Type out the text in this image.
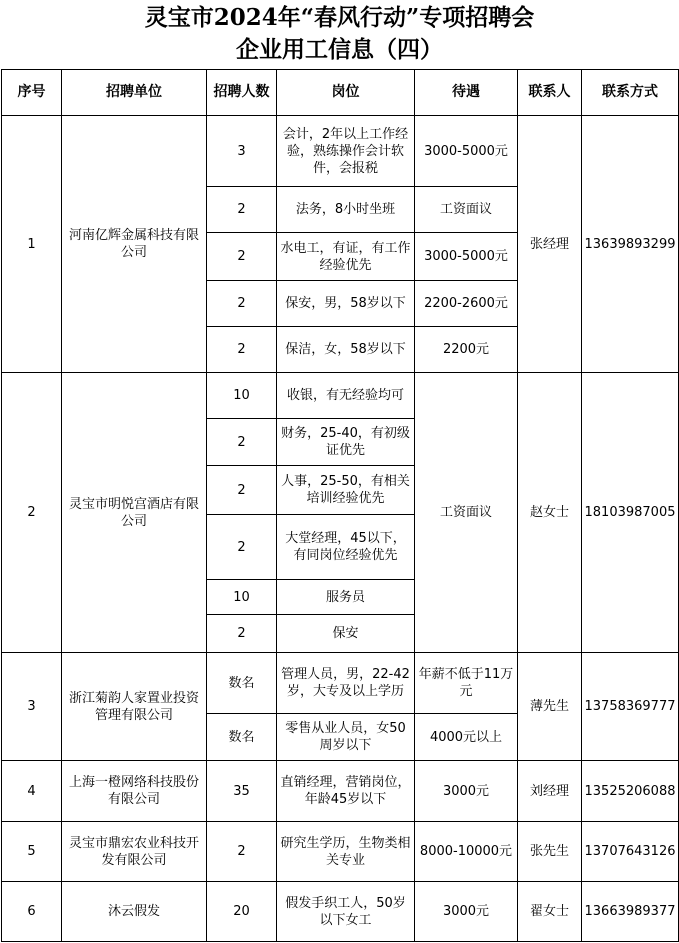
灵宝市2024年“春风行动”专项招聘会
企业用工信息（四）
序号	招聘单位	招聘人数	岗位	待遇	联系人	联系方式
1	河南亿辉金属科技有限公司	3	会计，2年以上工作经验，熟练操作会计软件，会报税	3000-5000元	张经理	13639893299
		2	法务，8小时坐班	工资面议		
		2	水电工，有证，有工作经验优先	3000-5000元		
		2	保安，男，58岁以下	2200-2600元		
		2	保洁，女，58岁以下	2200元		
2	灵宝市明悦宫酒店有限公司	10	收银，有无经验均可	工资面议	赵女士	18103987005
		2	财务，25-40，有初级证优先			
		2	人事，25-50，有相关培训经验优先			
		2	大堂经理，45以下，有同岗位经验优先			
		10	服务员			
		2	保安			
3	浙江菊韵人家置业投资管理有限公司	数名	管理人员，男，22-42岁，大专及以上学历	年薪不低于11万元	薄先生	13758369777
		数名	零售从业人员，女50周岁以下	4000元以上		
4	上海一橙网络科技股份有限公司	35	直销经理，营销岗位，年龄45岁以下	3000元	刘经理	13525206088
5	灵宝市鼎宏农业科技开发有限公司	2	研究生学历，生物类相关专业	8000-10000元	张先生	13707643126
6	沐云假发	20	假发手织工人，50岁以下女工	3000元	翟女士	13663989377
